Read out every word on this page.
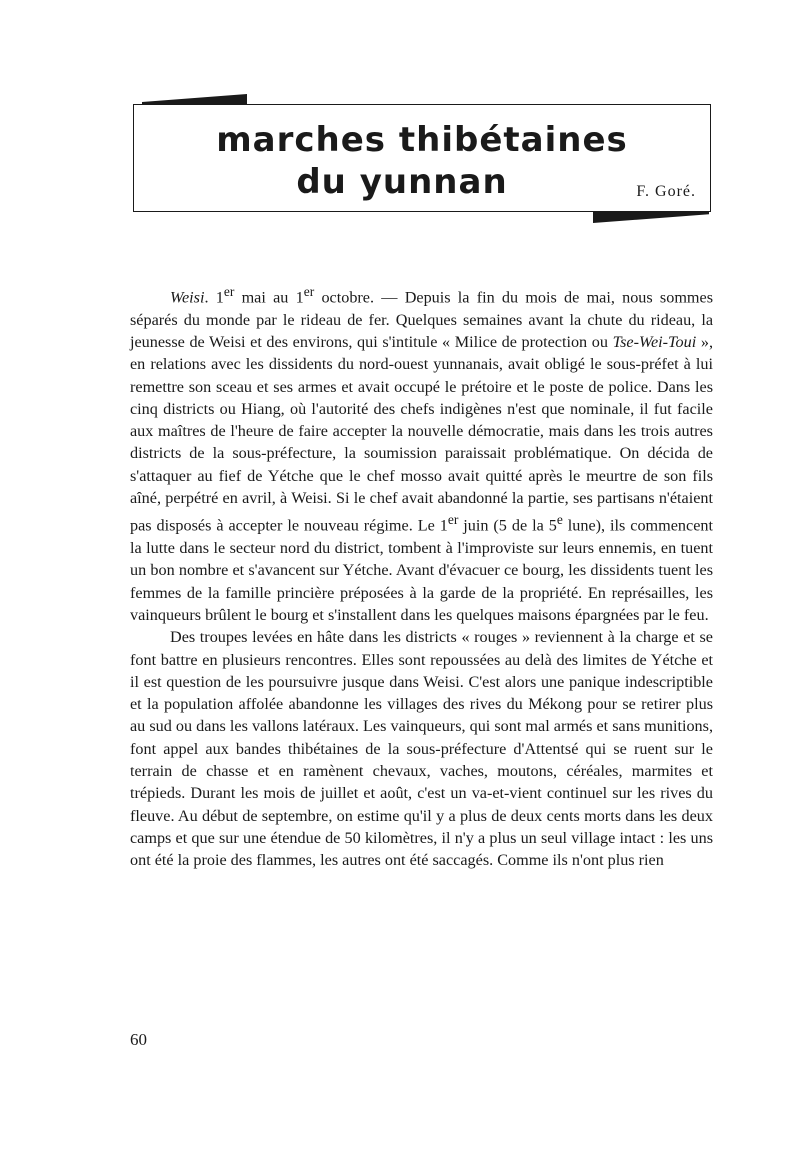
marches thibétaines
du yunnan	F. Goré.

Weisi. 1er mai au 1er octobre. — Depuis la fin du mois de mai, nous sommes séparés du monde par le rideau de fer. Quelques semaines avant la chute du rideau, la jeunesse de Weisi et des environs, qui s'intitule « Milice de protection ou Tse-Wei-Toui », en relations avec les dissidents du nord-ouest yunnanais, avait obligé le sous-préfet à lui remettre son sceau et ses armes et avait occupé le prétoire et le poste de police. Dans les cinq districts ou Hiang, où l'autorité des chefs indigènes n'est que nominale, il fut facile aux maîtres de l'heure de faire accepter la nouvelle démocratie, mais dans les trois autres districts de la sous-préfecture, la soumission paraissait problématique. On décida de s'attaquer au fief de Yétche que le chef mosso avait quitté après le meurtre de son fils aîné, perpétré en avril, à Weisi. Si le chef avait abandonné la partie, ses partisans n'étaient pas disposés à accepter le nouveau régime. Le 1er juin (5 de la 5e lune), ils commencent la lutte dans le secteur nord du district, tombent à l'improviste sur leurs ennemis, en tuent un bon nombre et s'avancent sur Yétche. Avant d'évacuer ce bourg, les dissidents tuent les femmes de la famille princière préposées à la garde de la propriété. En représailles, les vainqueurs brûlent le bourg et s'installent dans les quelques maisons épargnées par le feu.

Des troupes levées en hâte dans les districts « rouges » reviennent à la charge et se font battre en plusieurs rencontres. Elles sont repoussées au delà des limites de Yétche et il est question de les poursuivre jusque dans Weisi. C'est alors une panique indescriptible et la population affolée abandonne les villages des rives du Mékong pour se retirer plus au sud ou dans les vallons latéraux. Les vainqueurs, qui sont mal armés et sans munitions, font appel aux bandes thibétaines de la sous-préfecture d'Attentsé qui se ruent sur le terrain de chasse et en ramènent chevaux, vaches, moutons, céréales, marmites et trépieds. Durant les mois de juillet et août, c'est un va-et-vient continuel sur les rives du fleuve. Au début de septembre, on estime qu'il y a plus de deux cents morts dans les deux camps et que sur une étendue de 50 kilomètres, il n'y a plus un seul village intact : les uns ont été la proie des flammes, les autres ont été saccagés. Comme ils n'ont plus rien

60
